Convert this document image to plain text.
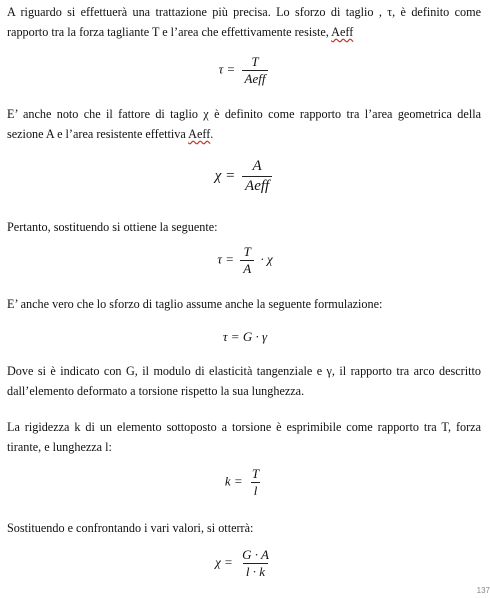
A riguardo si effettuerà una trattazione più precisa. Lo sforzo di taglio , τ, è definito come rapporto tra la forza tagliante T e l’area che effettivamente resiste, Aeff

$\tau = \frac{T}{\text{Aeff}}$

E’ anche noto che il fattore di taglio χ è definito come rapporto tra l’area geometrica della sezione A e l’area resistente effettiva Aeff.

$\chi = \frac{A}{\text{Aeff}}$

Pertanto, sostituendo si ottiene la seguente:

$\tau = \frac{T}{A} \cdot \chi$

E’ anche vero che lo sforzo di taglio assume anche la seguente formulazione:

τ = G · γ

Dove si è indicato con G, il modulo di elasticità tangenziale e γ, il rapporto tra arco descritto dall’elemento deformato a torsione rispetto la sua lunghezza.

La rigidezza k di un elemento sottoposto a torsione è esprimibile come rapporto tra T, forza tirante, e lunghezza l:

$k = \frac{T}{l}$

Sostituendo e confrontando i vari valori, si otterrà:

$\chi = \frac{G \cdot A}{l \cdot k}$
137
